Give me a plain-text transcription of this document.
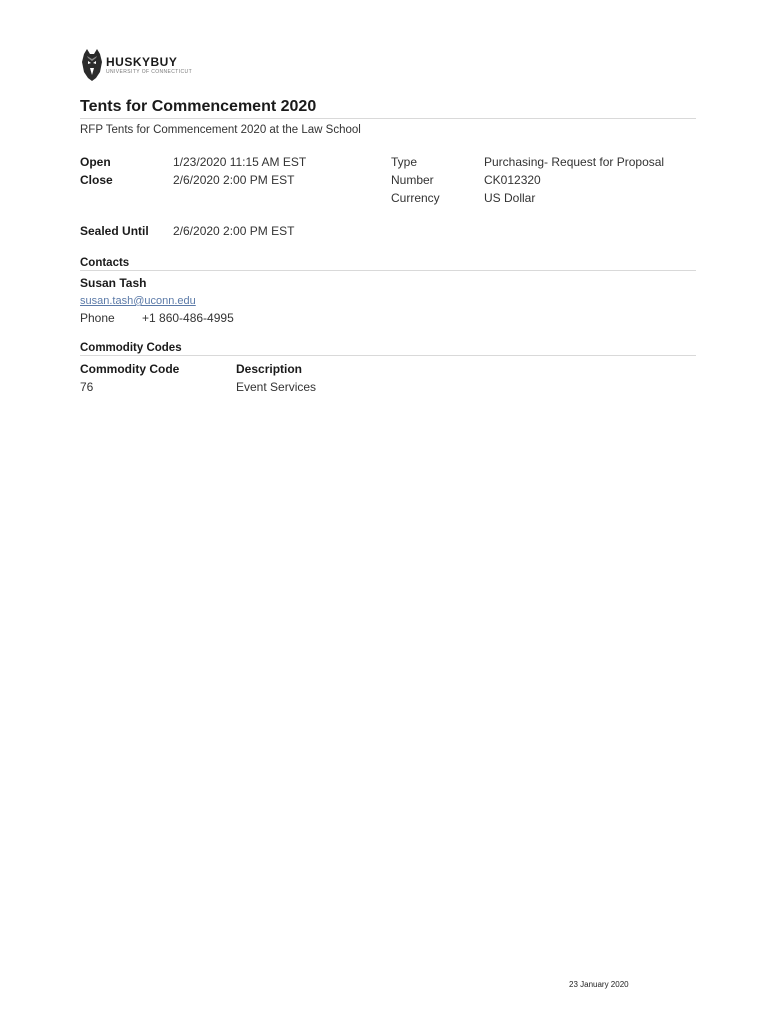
HUSKYBUY
UNIVERSITY OF CONNECTICUT
Tents for Commencement 2020
RFP Tents for Commencement 2020 at the Law School
Open	1/23/2020 11:15 AM EST
Close	2/6/2020 2:00 PM EST
Type	Purchasing- Request for Proposal
Number	CK012320
Currency	US Dollar
Sealed Until 2/6/2020 2:00 PM EST
Contacts
Susan Tash
susan.tash@uconn.edu
Phone +1 860-486-4995
Commodity Codes
Commodity Code	Description
76	Event Services
23 January 2020
